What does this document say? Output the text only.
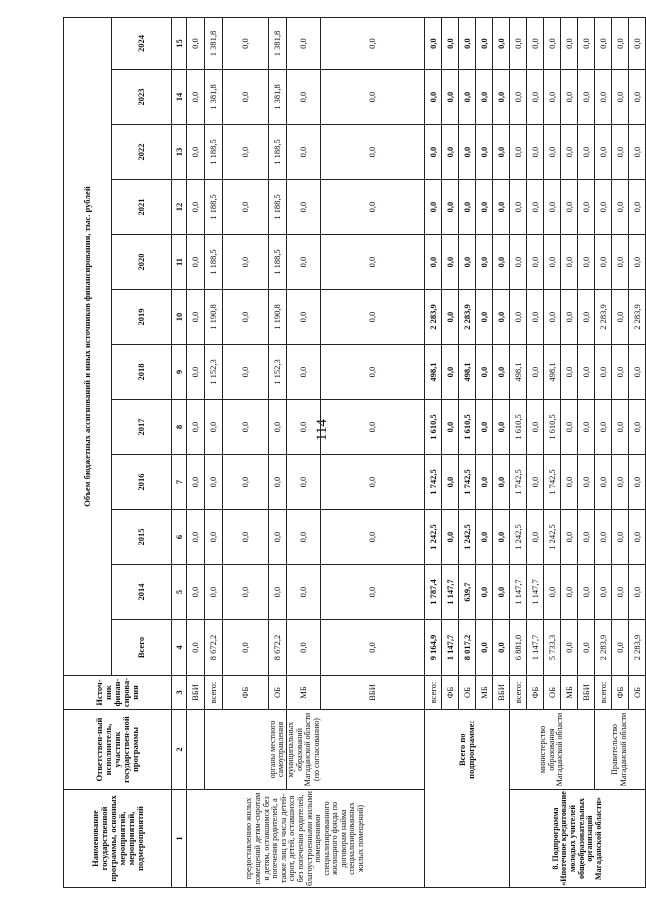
114
Наименование государственной программы, основных мероприятий, мероприятий, подмероприятий	Ответствен-ный исполнитель, участник государствен-ной программы	Источ-ник финан-сирова-ния	Объем бюджетных ассигнований и иных источников финансирования, тыс. рублей											
			Всего	2014	2015	2016	2017	2018	2019	2020	2021	2022	2023	2024
1	2	3	4	5	6	7	8	9	10	11	12	13	14	15
предоставлению жилых помещений детям-сиротам и детям, оставшимся без попечения родителей, а также лиц из числа детей-сирот, детей, оставшихся без попечения родителей, благоустроенными жилыми помещениями специализированного жилищного фонда по договорам найма специализированных жилых помещений)		ВБИ	0,0	0,0	0,0	0,0	0,0	0,0	0,0	0,0	0,0	0,0	0,0	0,0
	органы местного самоуправления	всего:	8 672,2	0,0	0,0	0,0	0,0	1 152,3	1 190,8	1 188,5	1 188,5	1 188,5	1 381,8	1 381,8
		ФБ	0,0	0,0	0,0	0,0	0,0	0,0	0,0	0,0	0,0	0,0	0,0	0,0
		ОБ	8 672,2	0,0	0,0	0,0	0,0	1 152,3	1 190,8	1 188,5	1 188,5	1 188,5	1 381,8	1 381,8
	муниципальных образований Магаданской области (по согласованию)	МБ	0,0	0,0	0,0	0,0	0,0	0,0	0,0	0,0	0,0	0,0	0,0	0,0
		ВБИ	0,0	0,0	0,0	0,0	0,0	0,0	0,0	0,0	0,0	0,0	0,0	0,0
	Всего по подпрограмме:	всего:	9 164,9	1 787,4	1 242,5	1 742,5	1 610,5	498,1	2 283,9	0,0	0,0	0,0	0,0	0,0
		ФБ	1 147,7	1 147,7	0,0	0,0	0,0	0,0	0,0	0,0	0,0	0,0	0,0	0,0
		ОБ	8 017,2	639,7	1 242,5	1 742,5	1 610,5	498,1	2 283,9	0,0	0,0	0,0	0,0	0,0
		МБ	0,0	0,0	0,0	0,0	0,0	0,0	0,0	0,0	0,0	0,0	0,0	0,0
		ВБИ	0,0	0,0	0,0	0,0	0,0	0,0	0,0	0,0	0,0	0,0	0,0	0,0
8. Подпрограмма «Ипотечное кредитование молодых учителей общеобразовательных организаций Магаданской области»	министерство образования Магаданской области	всего:	6 881,0	1 147,7	1 242,5	1 742,5	1 610,5	498,1	0,0	0,0	0,0	0,0	0,0	0,0
		ФБ	1 147,7	1 147,7	0,0	0,0	0,0	0,0	0,0	0,0	0,0	0,0	0,0	0,0
		ОБ	5 733,3	0,0	1 242,5	1 742,5	1 610,5	498,1	0,0	0,0	0,0	0,0	0,0	0,0
		МБ	0,0	0,0	0,0	0,0	0,0	0,0	0,0	0,0	0,0	0,0	0,0	0,0
		ВБИ	0,0	0,0	0,0	0,0	0,0	0,0	0,0	0,0	0,0	0,0	0,0	0,0
	Правительство Магаданской области	всего:	2 283,9	0,0	0,0	0,0	0,0	0,0	2 283,9	0,0	0,0	0,0	0,0	0,0
		ФБ	0,0	0,0	0,0	0,0	0,0	0,0	0,0	0,0	0,0	0,0	0,0	0,0
		ОБ	2 283,9	0,0	0,0	0,0	0,0	0,0	2 283,9	0,0	0,0	0,0	0,0	0,0
